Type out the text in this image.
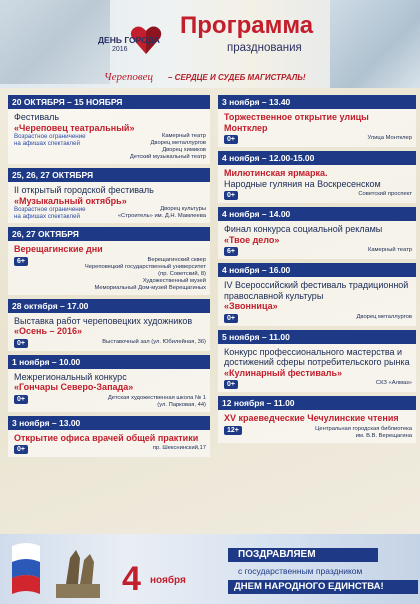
ДЕНЬ ГОРОДА
2016
Череповец – СЕРДЦЕ И СУДЕБ МАГИСТРАЛЬ!
Программа
празднования
20 ОКТЯБРЯ – 15 НОЯБРЯ
Фестиваль
«Череповец театральный»
Возрастное ограничение на афишах спектаклей
Камерный театр
Дворец металлургов
Дворец химиков
Детский музыкальный театр
25, 26, 27 ОКТЯБРЯ
II открытый городской фестиваль
«Музыкальный октябрь»
Возрастное ограничение на афишах спектаклей
Дворец культуры
«Строитель» им. Д.Н. Мамлеева
26, 27 ОКТЯБРЯ
Верещагинские дни
6+	Верещагинский сквер
Череповецкий государственный университет
(пр. Советский, 8)
Художественный музей
Мемориальный Дом-музей Верещагиных
28 октября – 17.00
Выставка работ череповецких художников
«Осень – 2016»
0+	Выставочный зал (ул. Юбилейная, 36)
1 ноября – 10.00
Межрегиональный конкурс
«Гончары Северо-Запада»
0+	Детская художественная школа № 1
(ул. Парковая, 44)
3 ноября – 13.00
Открытие офиса врачей общей практики
0+	пр. Шекснинский,17
3 ноября – 13.40
Торжественное открытие улицы Монтклер
0+	Улица Монтклер
4 ноября – 12.00-15.00
Милютинская ярмарка.
Народные гуляния на Воскресенском
0+	Советский проспект
4 ноября – 14.00
Финал конкурса социальной рекламы
«Твое дело»
6+	Камерный театр
4 ноября – 16.00
IV Всероссийский фестиваль традиционной православной культуры
«Звонница»
0+	Дворец металлургов
5 ноября – 11.00
Конкурс профессионального мастерства и достижений сферы потребительского рынка
«Кулинарный фестиваль»
0+	СКЗ «Алмаз»
12 ноября – 11.00
XV краеведческие Чечулинские чтения
12+	Центральная городская библиотека
им. В.В. Верещагина
4 ноября
ПОЗДРАВЛЯЕМ
с государственным праздником
ДНЕМ НАРОДНОГО ЕДИНСТВА!
